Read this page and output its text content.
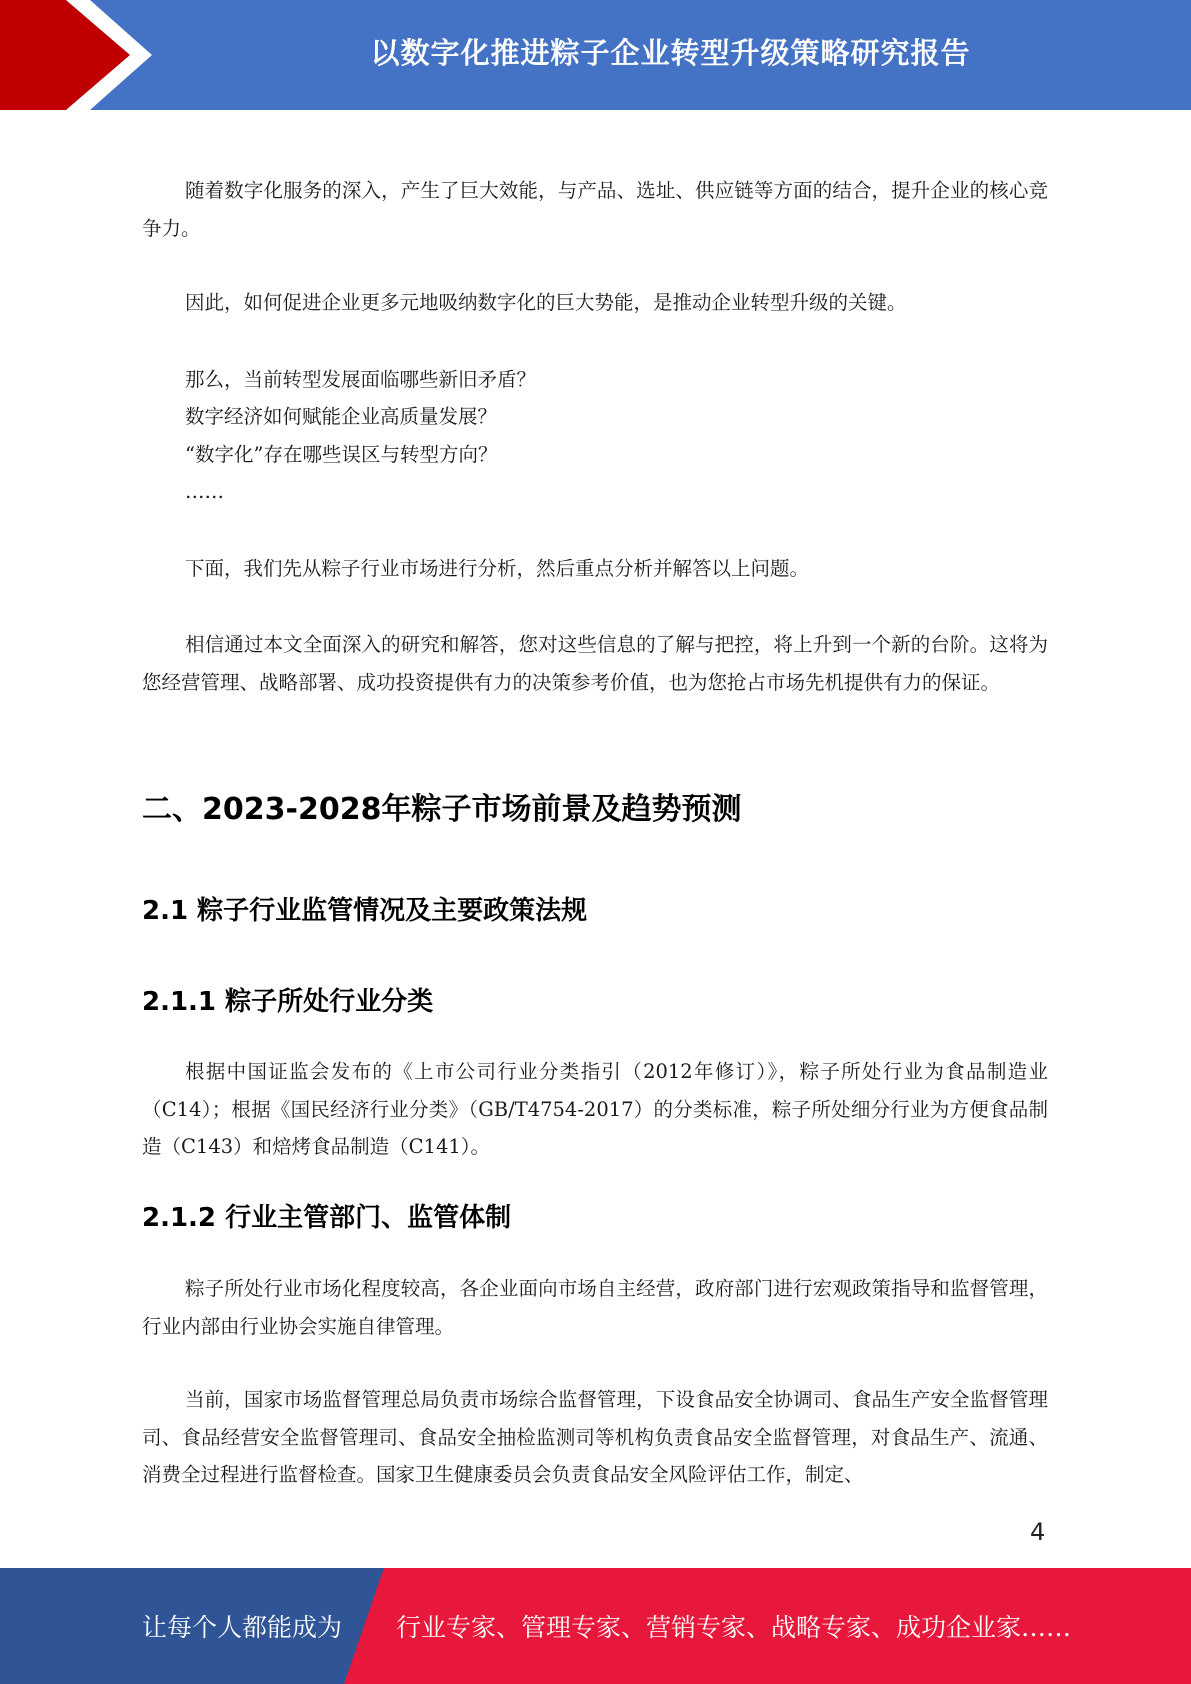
以数字化推进粽子企业转型升级策略研究报告

随着数字化服务的深入，产生了巨大效能，与产品、选址、供应链等方面的结合，提升企业的核心竞争力。

因此，如何促进企业更多元地吸纳数字化的巨大势能，是推动企业转型升级的关键。

那么，当前转型发展面临哪些新旧矛盾？
数字经济如何赋能企业高质量发展？
“数字化”存在哪些误区与转型方向？
……

下面，我们先从粽子行业市场进行分析，然后重点分析并解答以上问题。

相信通过本文全面深入的研究和解答，您对这些信息的了解与把控，将上升到一个新的台阶。这将为您经营管理、战略部署、成功投资提供有力的决策参考价值，也为您抢占市场先机提供有力的保证。

二、2023-2028年粽子市场前景及趋势预测
2.1 粽子行业监管情况及主要政策法规
2.1.1 粽子所处行业分类

根据中国证监会发布的《上市公司行业分类指引（2012年修订）》，粽子所处行业为食品制造业（C14）；根据《国民经济行业分类》（GB/T4754-2017）的分类标准，粽子所处细分行业为方便食品制造（C143）和焙烤食品制造（C141）。

2.1.2 行业主管部门、监管体制

粽子所处行业市场化程度较高，各企业面向市场自主经营，政府部门进行宏观政策指导和监督管理，行业内部由行业协会实施自律管理。

当前，国家市场监督管理总局负责市场综合监督管理，下设食品安全协调司、食品生产安全监督管理司、食品经营安全监督管理司、食品安全抽检监测司等机构负责食品安全监督管理，对食品生产、流通、消费全过程进行监督检查。国家卫生健康委员会负责食品安全风险评估工作，制定、

4
让每个人都能成为 行业专家、管理专家、营销专家、战略专家、成功企业家……
